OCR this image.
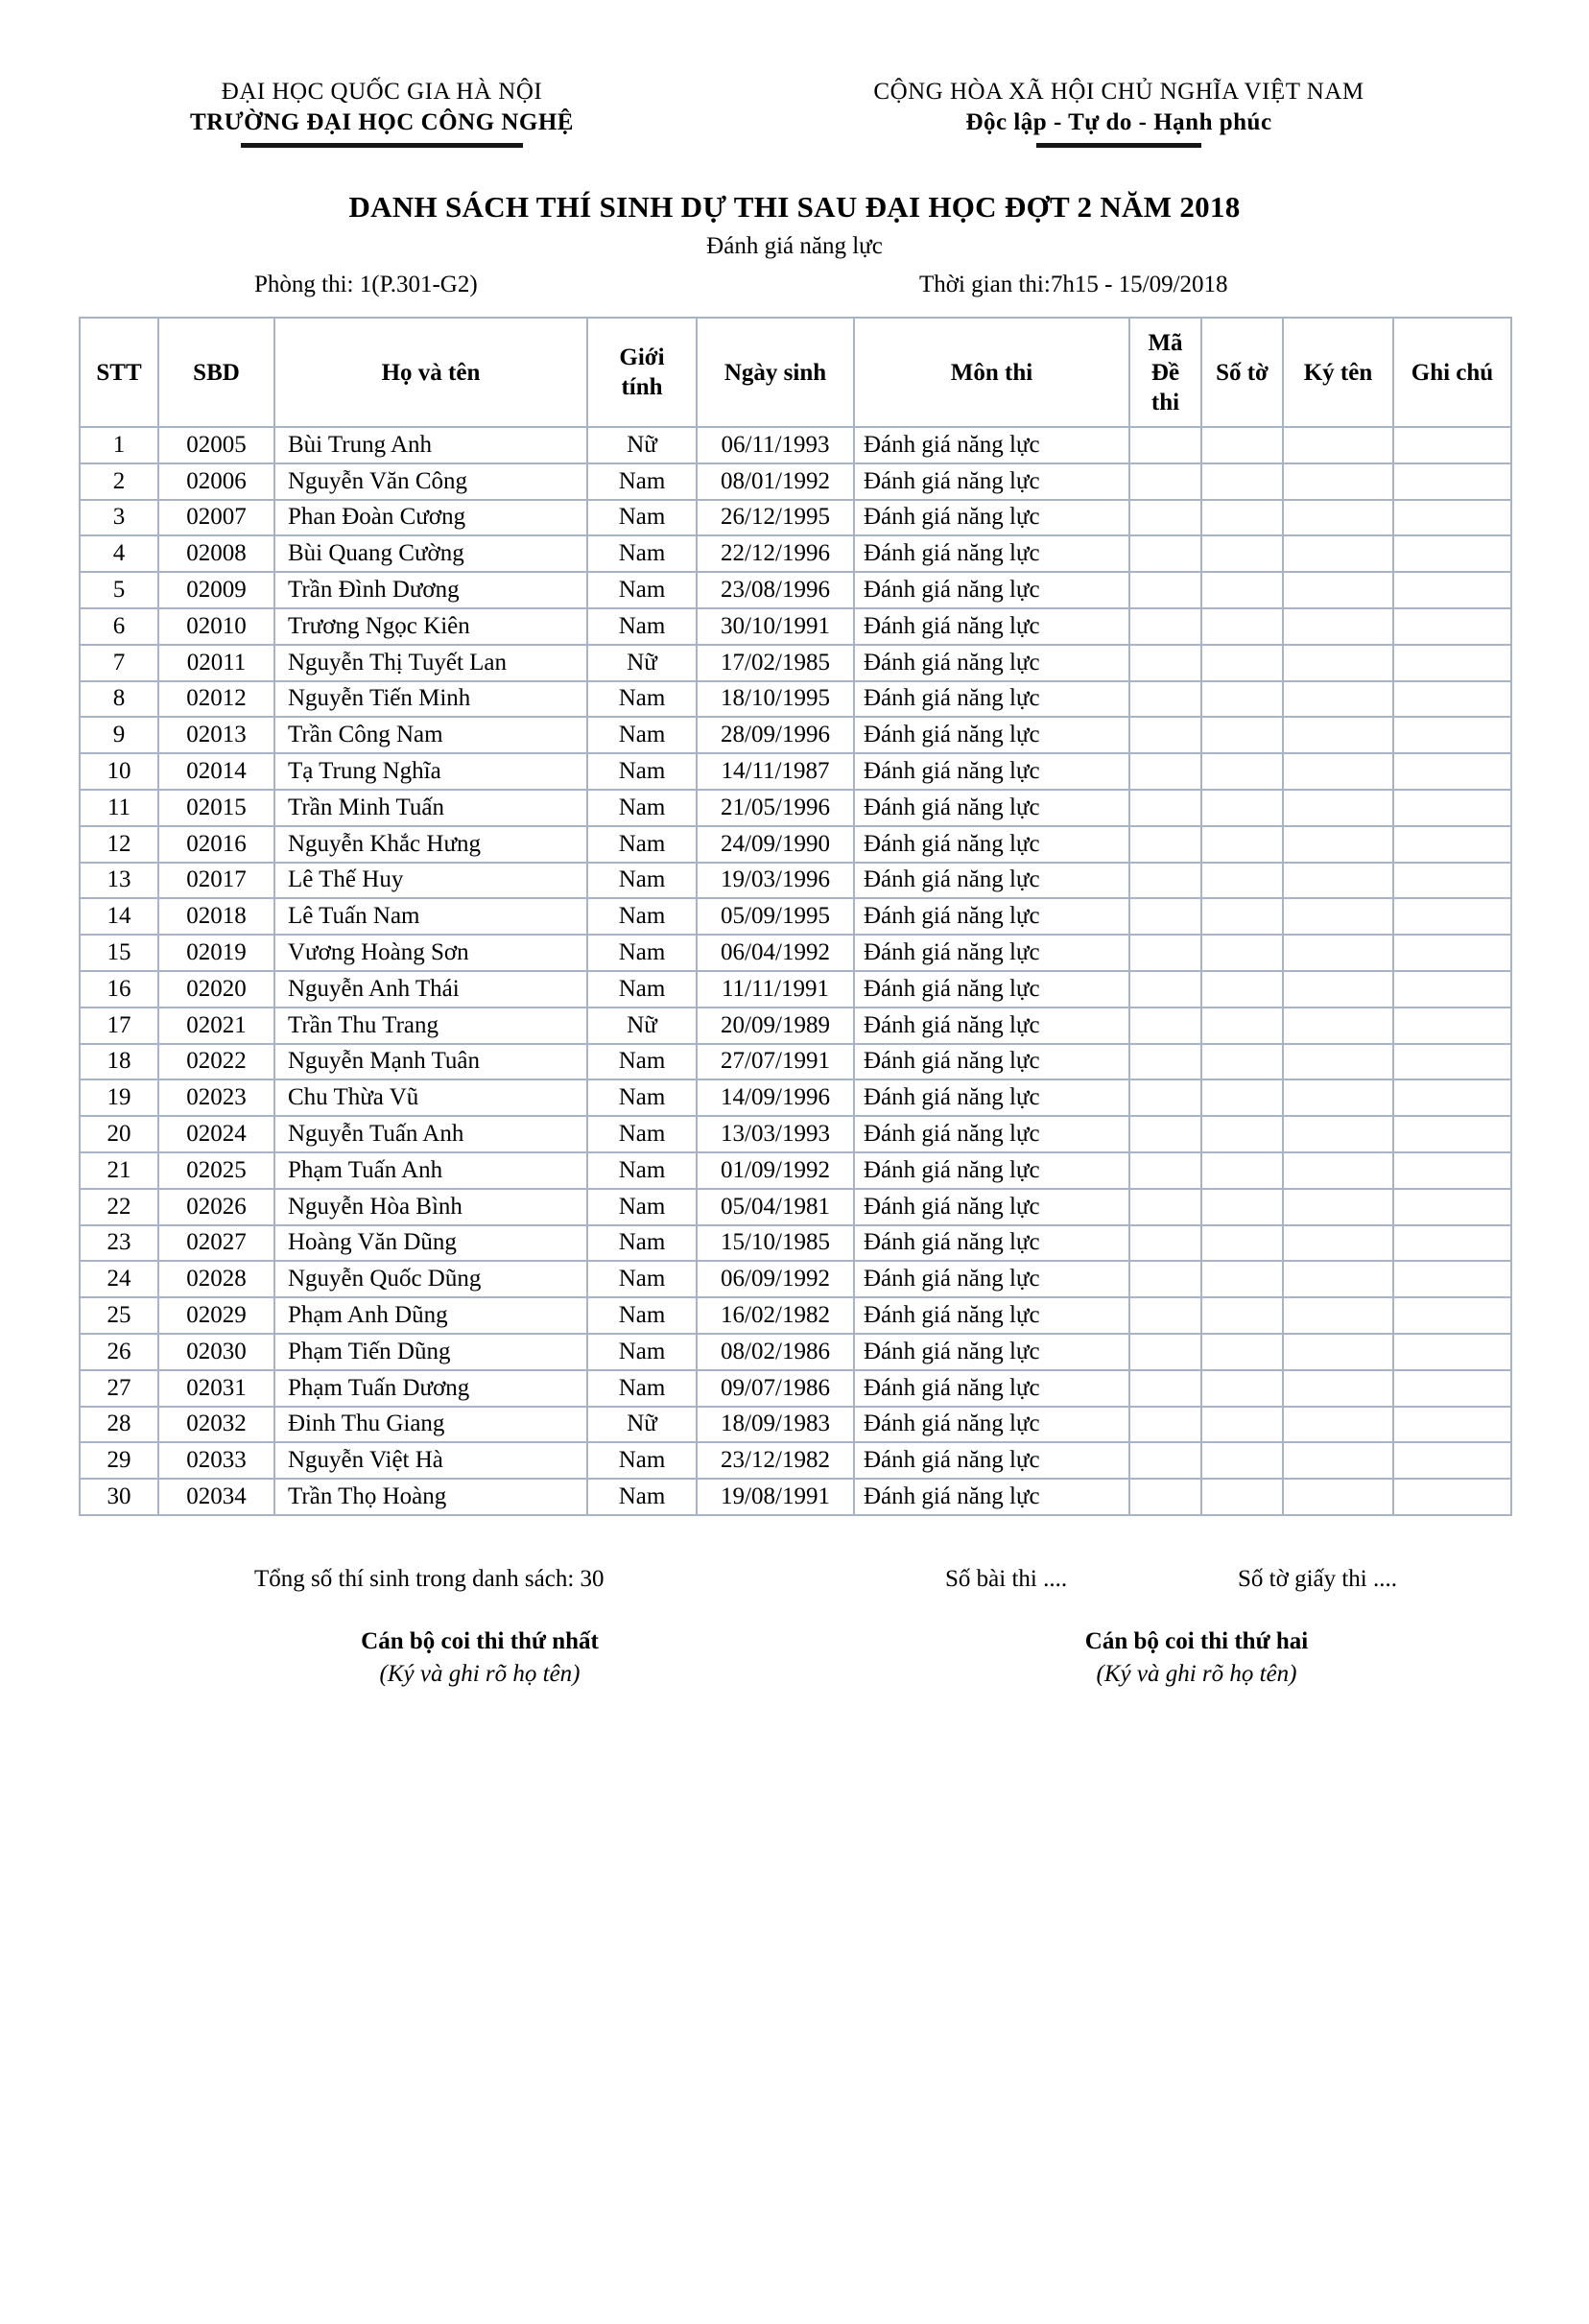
ĐẠI HỌC QUỐC GIA HÀ NỘI
TRƯỜNG ĐẠI HỌC CÔNG NGHỆ
CỘNG HÒA XÃ HỘI CHỦ NGHĨA VIỆT NAM
Độc lập - Tự do - Hạnh phúc
DANH SÁCH THÍ SINH DỰ THI SAU ĐẠI HỌC ĐỢT 2 NĂM 2018
Đánh giá năng lực
Phòng thi: 1(P.301-G2)	Thời gian thi:7h15 - 15/09/2018
STT	SBD	Họ và tên	Giới tính	Ngày sinh	Môn thi	Mã Đề thi	Số tờ	Ký tên	Ghi chú
1	02005	Bùi Trung Anh	Nữ	06/11/1993	Đánh giá năng lực				
2	02006	Nguyễn Văn Công	Nam	08/01/1992	Đánh giá năng lực				
3	02007	Phan Đoàn Cương	Nam	26/12/1995	Đánh giá năng lực				
4	02008	Bùi Quang Cường	Nam	22/12/1996	Đánh giá năng lực				
5	02009	Trần Đình Dương	Nam	23/08/1996	Đánh giá năng lực				
6	02010	Trương Ngọc Kiên	Nam	30/10/1991	Đánh giá năng lực				
7	02011	Nguyễn Thị Tuyết Lan	Nữ	17/02/1985	Đánh giá năng lực				
8	02012	Nguyễn Tiến Minh	Nam	18/10/1995	Đánh giá năng lực				
9	02013	Trần Công Nam	Nam	28/09/1996	Đánh giá năng lực				
10	02014	Tạ Trung Nghĩa	Nam	14/11/1987	Đánh giá năng lực				
11	02015	Trần Minh Tuấn	Nam	21/05/1996	Đánh giá năng lực				
12	02016	Nguyễn Khắc Hưng	Nam	24/09/1990	Đánh giá năng lực				
13	02017	Lê Thế Huy	Nam	19/03/1996	Đánh giá năng lực				
14	02018	Lê Tuấn Nam	Nam	05/09/1995	Đánh giá năng lực				
15	02019	Vương Hoàng Sơn	Nam	06/04/1992	Đánh giá năng lực				
16	02020	Nguyễn Anh Thái	Nam	11/11/1991	Đánh giá năng lực				
17	02021	Trần Thu Trang	Nữ	20/09/1989	Đánh giá năng lực				
18	02022	Nguyễn Mạnh Tuân	Nam	27/07/1991	Đánh giá năng lực				
19	02023	Chu Thừa Vũ	Nam	14/09/1996	Đánh giá năng lực				
20	02024	Nguyễn Tuấn Anh	Nam	13/03/1993	Đánh giá năng lực				
21	02025	Phạm Tuấn Anh	Nam	01/09/1992	Đánh giá năng lực				
22	02026	Nguyễn Hòa Bình	Nam	05/04/1981	Đánh giá năng lực				
23	02027	Hoàng Văn Dũng	Nam	15/10/1985	Đánh giá năng lực				
24	02028	Nguyễn Quốc Dũng	Nam	06/09/1992	Đánh giá năng lực				
25	02029	Phạm Anh Dũng	Nam	16/02/1982	Đánh giá năng lực				
26	02030	Phạm Tiến Dũng	Nam	08/02/1986	Đánh giá năng lực				
27	02031	Phạm Tuấn Dương	Nam	09/07/1986	Đánh giá năng lực				
28	02032	Đinh Thu Giang	Nữ	18/09/1983	Đánh giá năng lực				
29	02033	Nguyễn Việt Hà	Nam	23/12/1982	Đánh giá năng lực				
30	02034	Trần Thọ Hoàng	Nam	19/08/1991	Đánh giá năng lực				
Tổng số thí sinh trong danh sách: 30	Số bài thi ....	Số tờ giấy thi ....
Cán bộ coi thi thứ nhất
(Ký và ghi rõ họ tên)
Cán bộ coi thi thứ hai
(Ký và ghi rõ họ tên)
